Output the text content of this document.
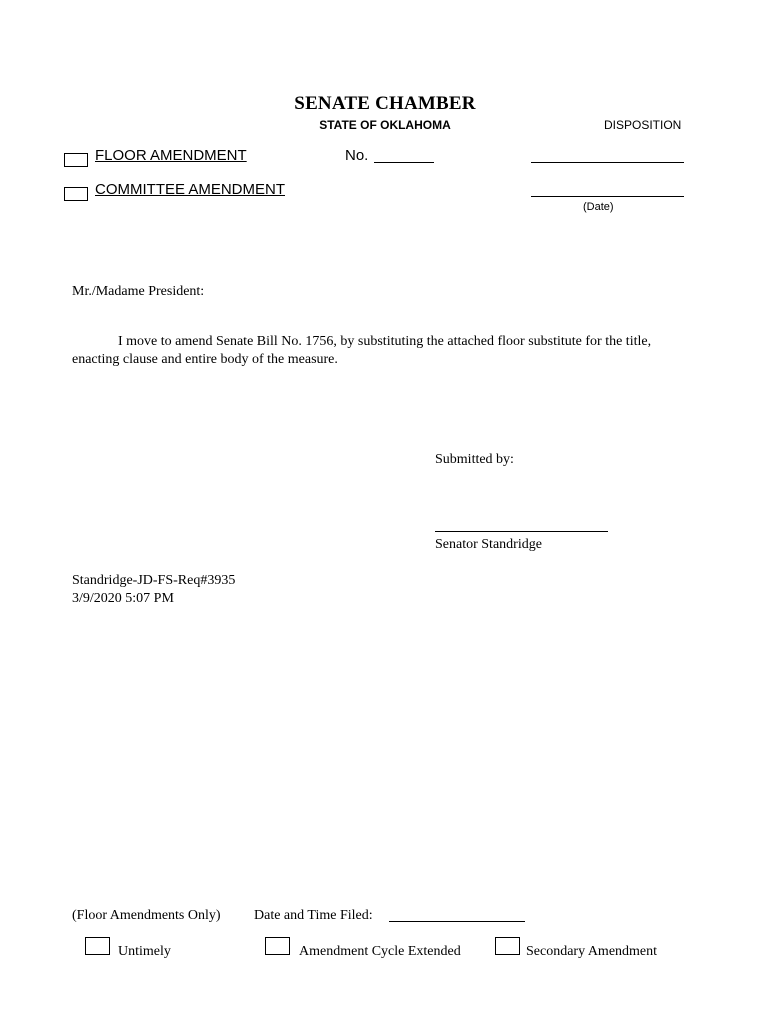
SENATE CHAMBER
STATE OF OKLAHOMA	DISPOSITION
FLOOR AMENDMENT
COMMITTEE AMENDMENT
No.
(Date)
Mr./Madame President:
I move to amend Senate Bill No. 1756, by substituting the attached floor substitute for the title,
enacting clause and entire body of the measure.
Submitted by:
Senator Standridge
Standridge-JD-FS-Req#3935
3/9/2020 5:07 PM
(Floor Amendments Only) Date and Time Filed:
Untimely	Amendment Cycle Extended	Secondary Amendment
